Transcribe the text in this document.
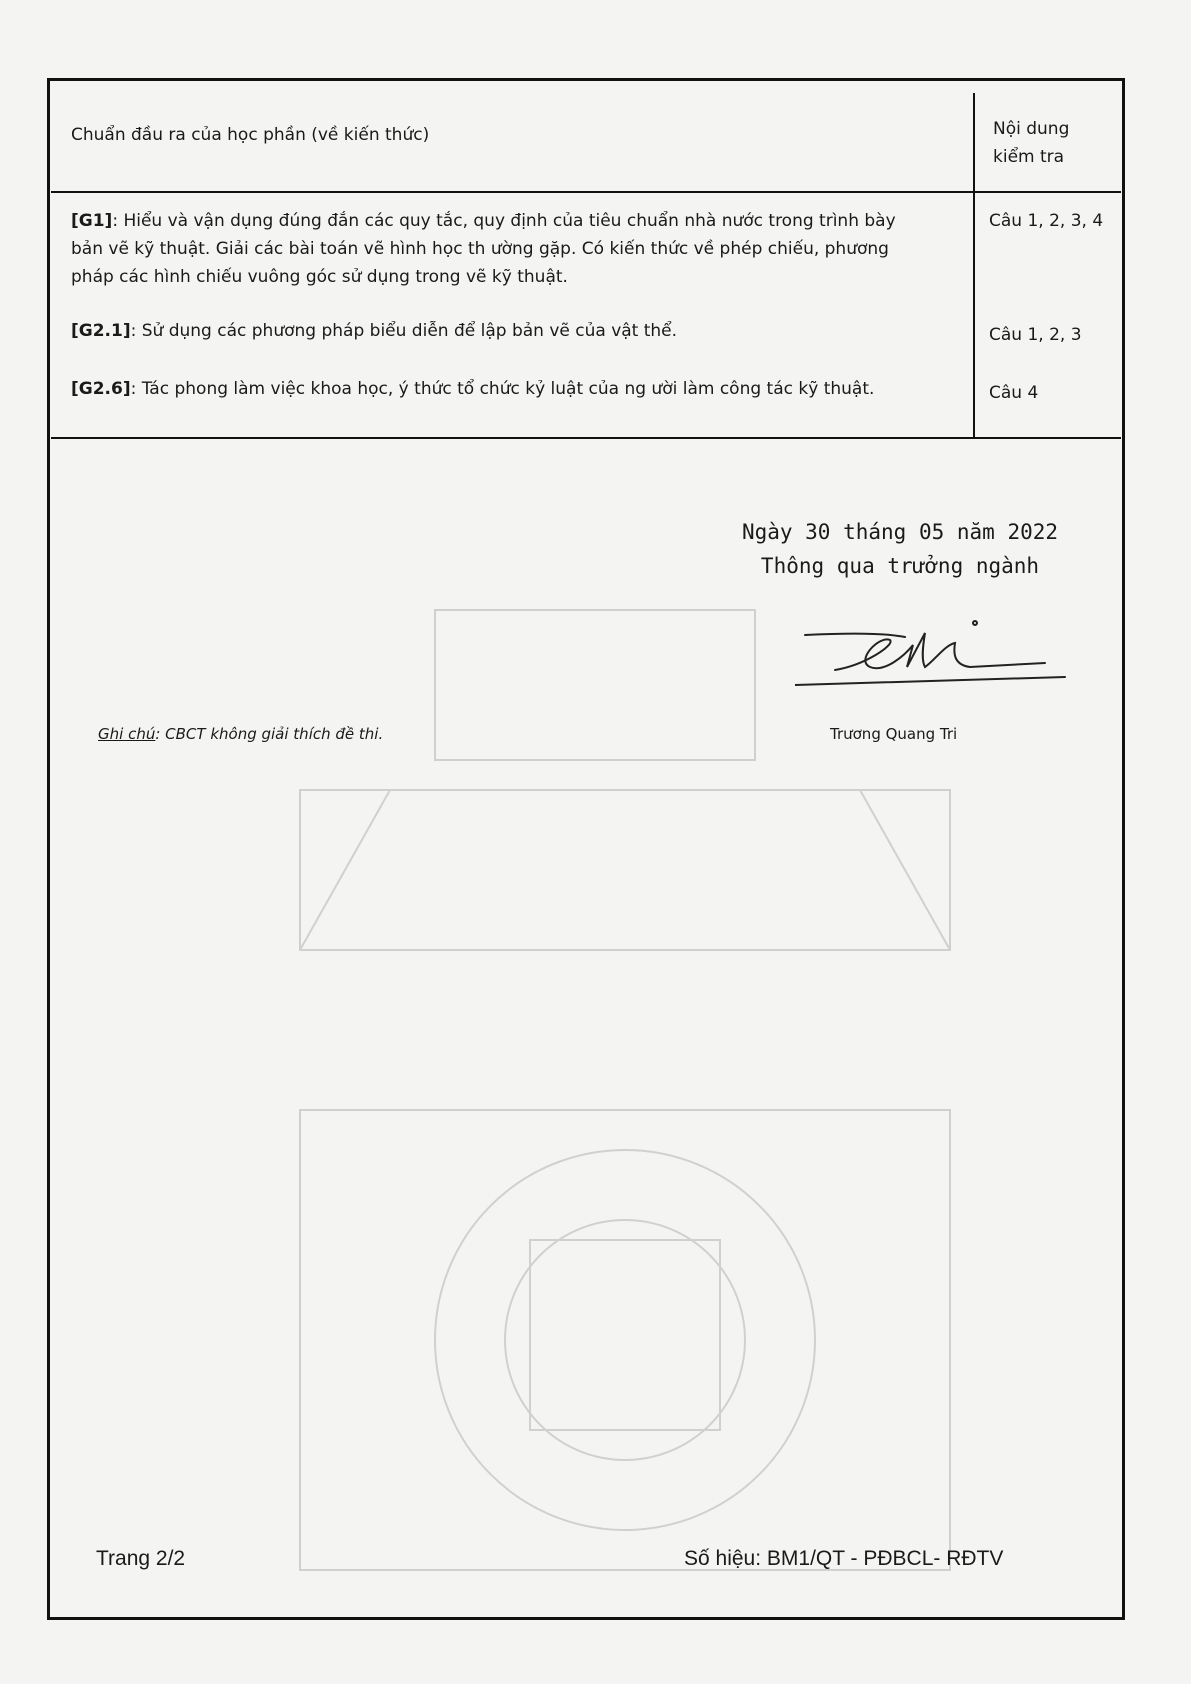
Chuẩn đầu ra của học phần (về kiến thức)	Nội dung kiểm tra
[G1]: Hiểu và vận dụng đúng đắn các quy tắc, quy định của tiêu chuẩn nhà nước trong trình bày bản vẽ kỹ thuật. Giải các bài toán vẽ hình học th ường gặp. Có kiến thức về phép chiếu, phương pháp các hình chiếu vuông góc sử dụng trong vẽ kỹ thuật.	Câu 1, 2, 3, 4
[G2.1]: Sử dụng các phương pháp biểu diễn để lập bản vẽ của vật thể.	Câu 1, 2, 3
[G2.6]: Tác phong làm việc khoa học, ý thức tổ chức kỷ luật của ng ười làm công tác kỹ thuật.	Câu 4
Ngày 30 tháng 05 năm 2022
Thông qua trưởng ngành
Trương Quang Tri
Ghi chú: CBCT không giải thích đề thi.
Trang 2/2	Số hiệu: BM1/QT - PĐBCL- RĐTV
